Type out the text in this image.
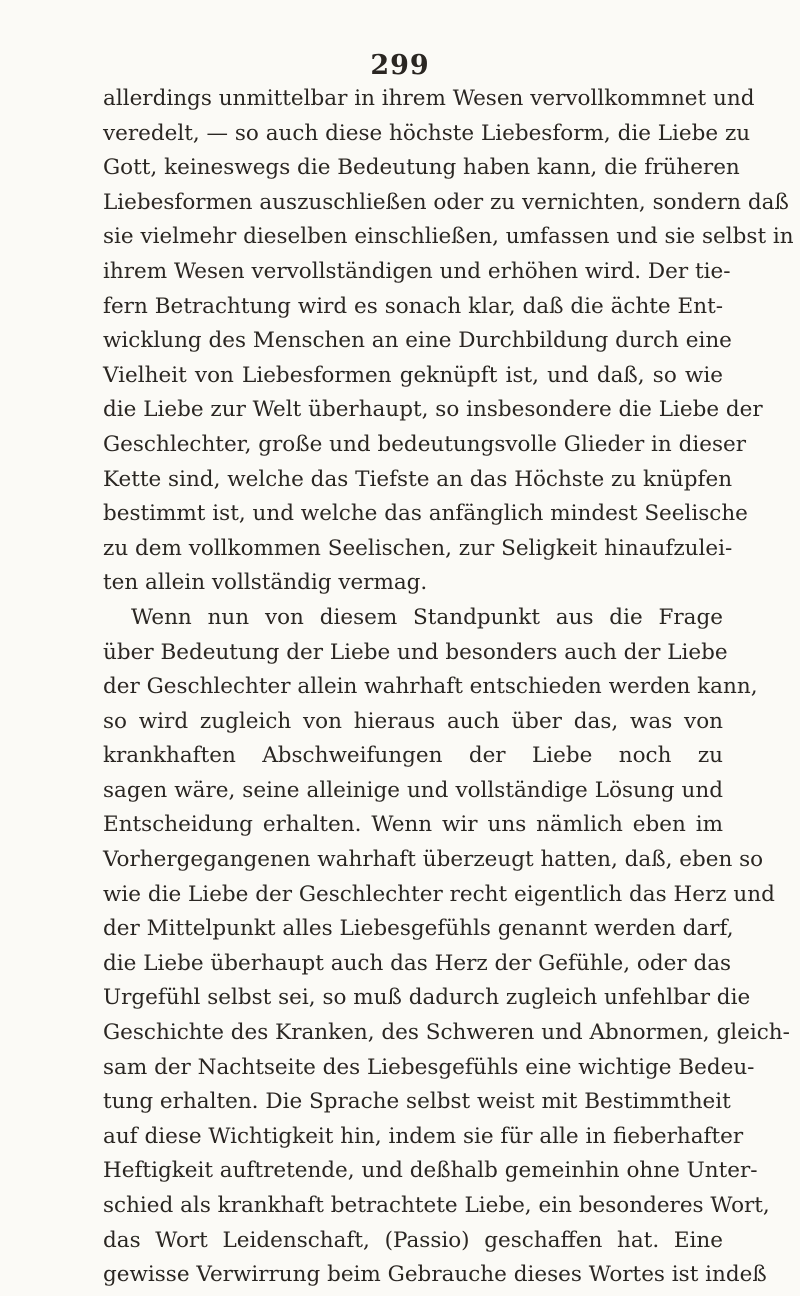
299
allerdings unmittelbar in ihrem Wesen vervollkommnet und
veredelt, — so auch diese höchste Liebesform, die Liebe zu
Gott, keineswegs die Bedeutung haben kann, die früheren
Liebesformen auszuschließen oder zu vernichten, sondern daß
sie vielmehr dieselben einschließen, umfassen und sie selbst in
ihrem Wesen vervollständigen und erhöhen wird. Der tie-
fern Betrachtung wird es sonach klar, daß die ächte Ent-
wicklung des Menschen an eine Durchbildung durch eine
Vielheit von Liebesformen geknüpft ist, und daß, so wie
die Liebe zur Welt überhaupt, so insbesondere die Liebe der
Geschlechter, große und bedeutungsvolle Glieder in dieser
Kette sind, welche das Tiefste an das Höchste zu knüpfen
bestimmt ist, und welche das anfänglich mindest Seelische
zu dem vollkommen Seelischen, zur Seligkeit hinaufzulei-
ten allein vollständig vermag.
Wenn nun von diesem Standpunkt aus die Frage
über Bedeutung der Liebe und besonders auch der Liebe
der Geschlechter allein wahrhaft entschieden werden kann,
so wird zugleich von hieraus auch über das, was von
krankhaften Abschweifungen der Liebe noch zu
sagen wäre, seine alleinige und vollständige Lösung und
Entscheidung erhalten. Wenn wir uns nämlich eben im
Vorhergegangenen wahrhaft überzeugt hatten, daß, eben so
wie die Liebe der Geschlechter recht eigentlich das Herz und
der Mittelpunkt alles Liebesgefühls genannt werden darf,
die Liebe überhaupt auch das Herz der Gefühle, oder das
Urgefühl selbst sei, so muß dadurch zugleich unfehlbar die
Geschichte des Kranken, des Schweren und Abnormen, gleich-
sam der Nachtseite des Liebesgefühls eine wichtige Bedeu-
tung erhalten. Die Sprache selbst weist mit Bestimmtheit
auf diese Wichtigkeit hin, indem sie für alle in fieberhafter
Heftigkeit auftretende, und deßhalb gemeinhin ohne Unter-
schied als krankhaft betrachtete Liebe, ein besonderes Wort,
das Wort Leidenschaft, (Passio) geschaffen hat. Eine
gewisse Verwirrung beim Gebrauche dieses Wortes ist indeß
